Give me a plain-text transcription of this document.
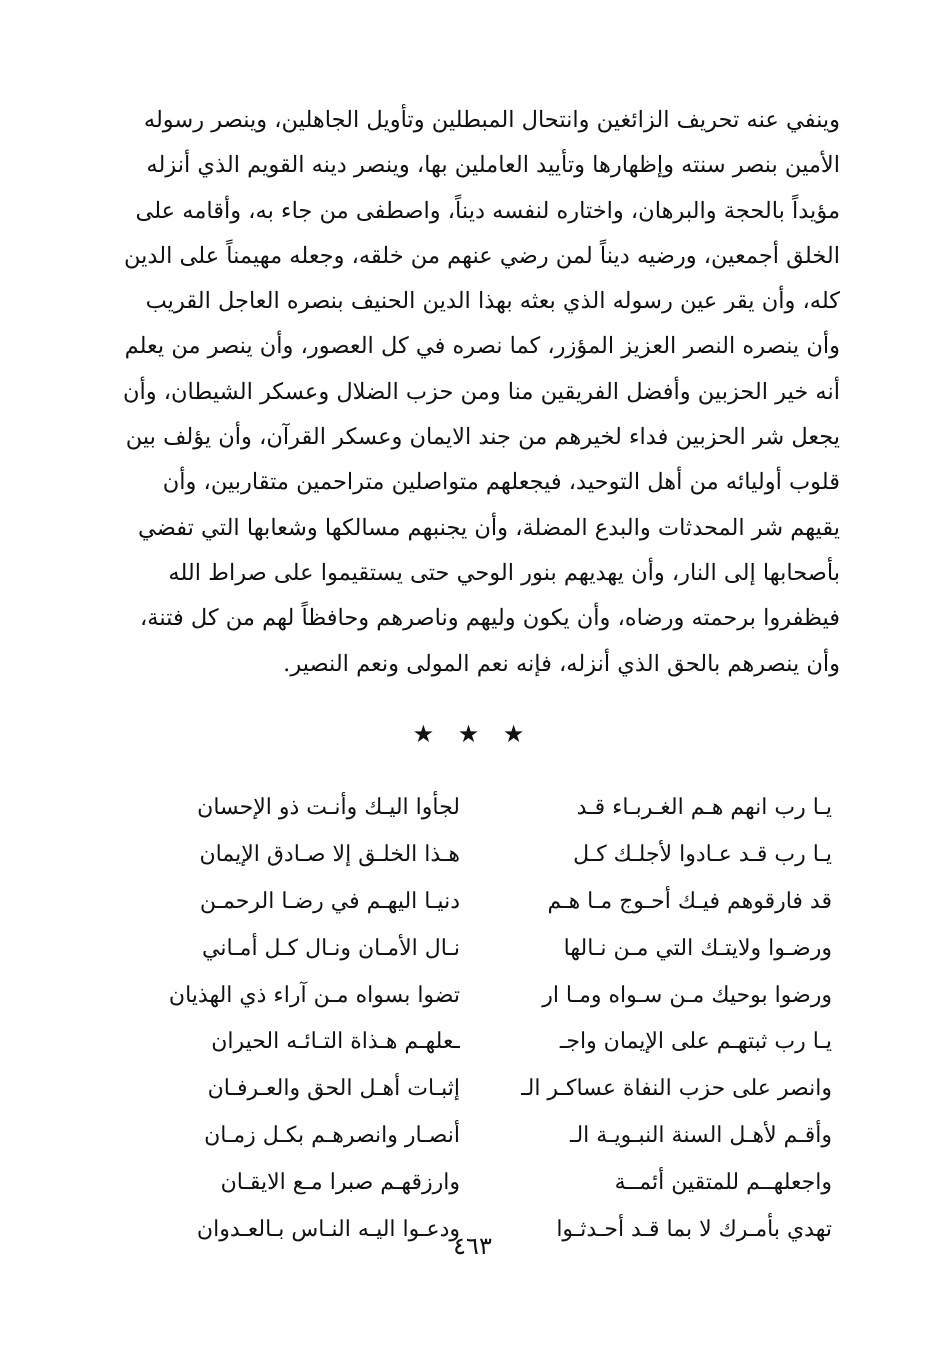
وينفي عنه تحريف الزائغين وانتحال المبطلين وتأويل الجاهلين، وينصر رسوله
الأمين بنصر سنته وإظهارها وتأييد العاملين بها، وينصر دينه القويم الذي أنزله
مؤيداً بالحجة والبرهان، واختاره لنفسه ديناً، واصطفى من جاء به، وأقامه على
الخلق أجمعين، ورضيه ديناً لمن رضي عنهم من خلقه، وجعله مهيمناً على الدين
كله، وأن يقر عين رسوله الذي بعثه بهذا الدين الحنيف بنصره العاجل القريب
وأن ينصره النصر العزيز المؤزر، كما نصره في كل العصور، وأن ينصر من يعلم
أنه خير الحزبين وأفضل الفريقين منا ومن حزب الضلال وعسكر الشيطان، وأن
يجعل شر الحزبين فداء لخيرهم من جند الايمان وعسكر القرآن، وأن يؤلف بين
قلوب أوليائه من أهل التوحيد، فيجعلهم متواصلين متراحمين متقاربين، وأن
يقيهم شر المحدثات والبدع المضلة، وأن يجنبهم مسالكها وشعابها التي تفضي
بأصحابها إلى النار، وأن يهديهم بنور الوحي حتى يستقيموا على صراط الله
فيظفروا برحمته ورضاه، وأن يكون وليهم وناصرهم وحافظاً لهم من كل فتنة،
وأن ينصرهم بالحق الذي أنزله، فإنه نعم المولى ونعم النصير.
★ ★ ★
يـا رب انهم هـم الغـربـاء قـد
يـا رب قـد عـادوا لأجلـك كـل
قد فارقوهم فيـك أحـوج مـا هـم
ورضـوا ولايتـك التي مـن نـالها
ورضوا بوحيك مـن سـواه ومـا ار
يـا رب ثبتهـم على الإيمان واجـ
وانصر على حزب النفاة عساكـر الـ
وأقـم لأهـل السنة النبـويـة الـ
واجعلهــم للمتقين أئمــة
تهدي بأمـرك لا بما قـد أحـدثـوا
لجأوا اليـك وأنـت ذو الإحسان
هـذا الخلـق إلا صـادق الإيمان
دنيـا اليهـم في رضـا الرحمـن
نـال الأمـان ونـال كـل أمـاني
تضوا بسواه مـن آراء ذي الهذيان
ـعلهـم هـذاة التـائـه الحيران
إثبـات أهـل الحق والعـرفـان
أنصـار وانصرهـم بكـل زمـان
وارزقهـم صبرا مـع الايقـان
ودعـوا اليـه النـاس بـالعـدوان
٤٦٣
